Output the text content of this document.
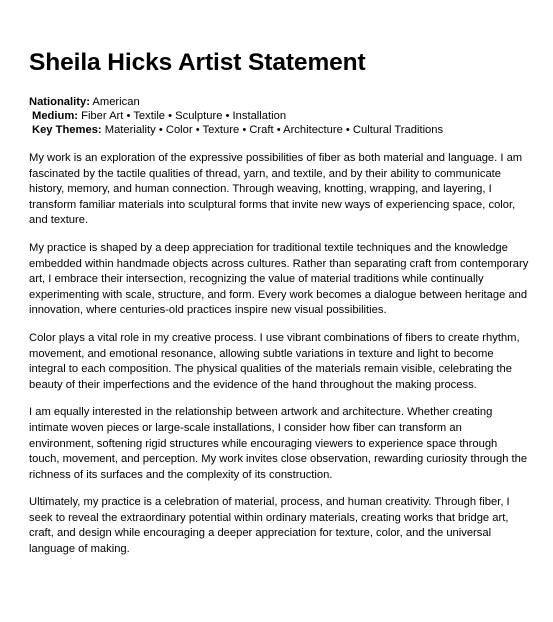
Sheila Hicks Artist Statement
Nationality: American
Medium: Fiber Art • Textile • Sculpture • Installation
Key Themes: Materiality • Color • Texture • Craft • Architecture • Cultural Traditions

My work is an exploration of the expressive possibilities of fiber as both material and language. I am fascinated by the tactile qualities of thread, yarn, and textile, and by their ability to communicate history, memory, and human connection. Through weaving, knotting, wrapping, and layering, I transform familiar materials into sculptural forms that invite new ways of experiencing space, color, and texture.

My practice is shaped by a deep appreciation for traditional textile techniques and the knowledge embedded within handmade objects across cultures. Rather than separating craft from contemporary art, I embrace their intersection, recognizing the value of material traditions while continually experimenting with scale, structure, and form. Every work becomes a dialogue between heritage and innovation, where centuries-old practices inspire new visual possibilities.

Color plays a vital role in my creative process. I use vibrant combinations of fibers to create rhythm, movement, and emotional resonance, allowing subtle variations in texture and light to become integral to each composition. The physical qualities of the materials remain visible, celebrating the beauty of their imperfections and the evidence of the hand throughout the making process.

I am equally interested in the relationship between artwork and architecture. Whether creating intimate woven pieces or large-scale installations, I consider how fiber can transform an environment, softening rigid structures while encouraging viewers to experience space through touch, movement, and perception. My work invites close observation, rewarding curiosity through the richness of its surfaces and the complexity of its construction.

Ultimately, my practice is a celebration of material, process, and human creativity. Through fiber, I seek to reveal the extraordinary potential within ordinary materials, creating works that bridge art, craft, and design while encouraging a deeper appreciation for texture, color, and the universal language of making.
